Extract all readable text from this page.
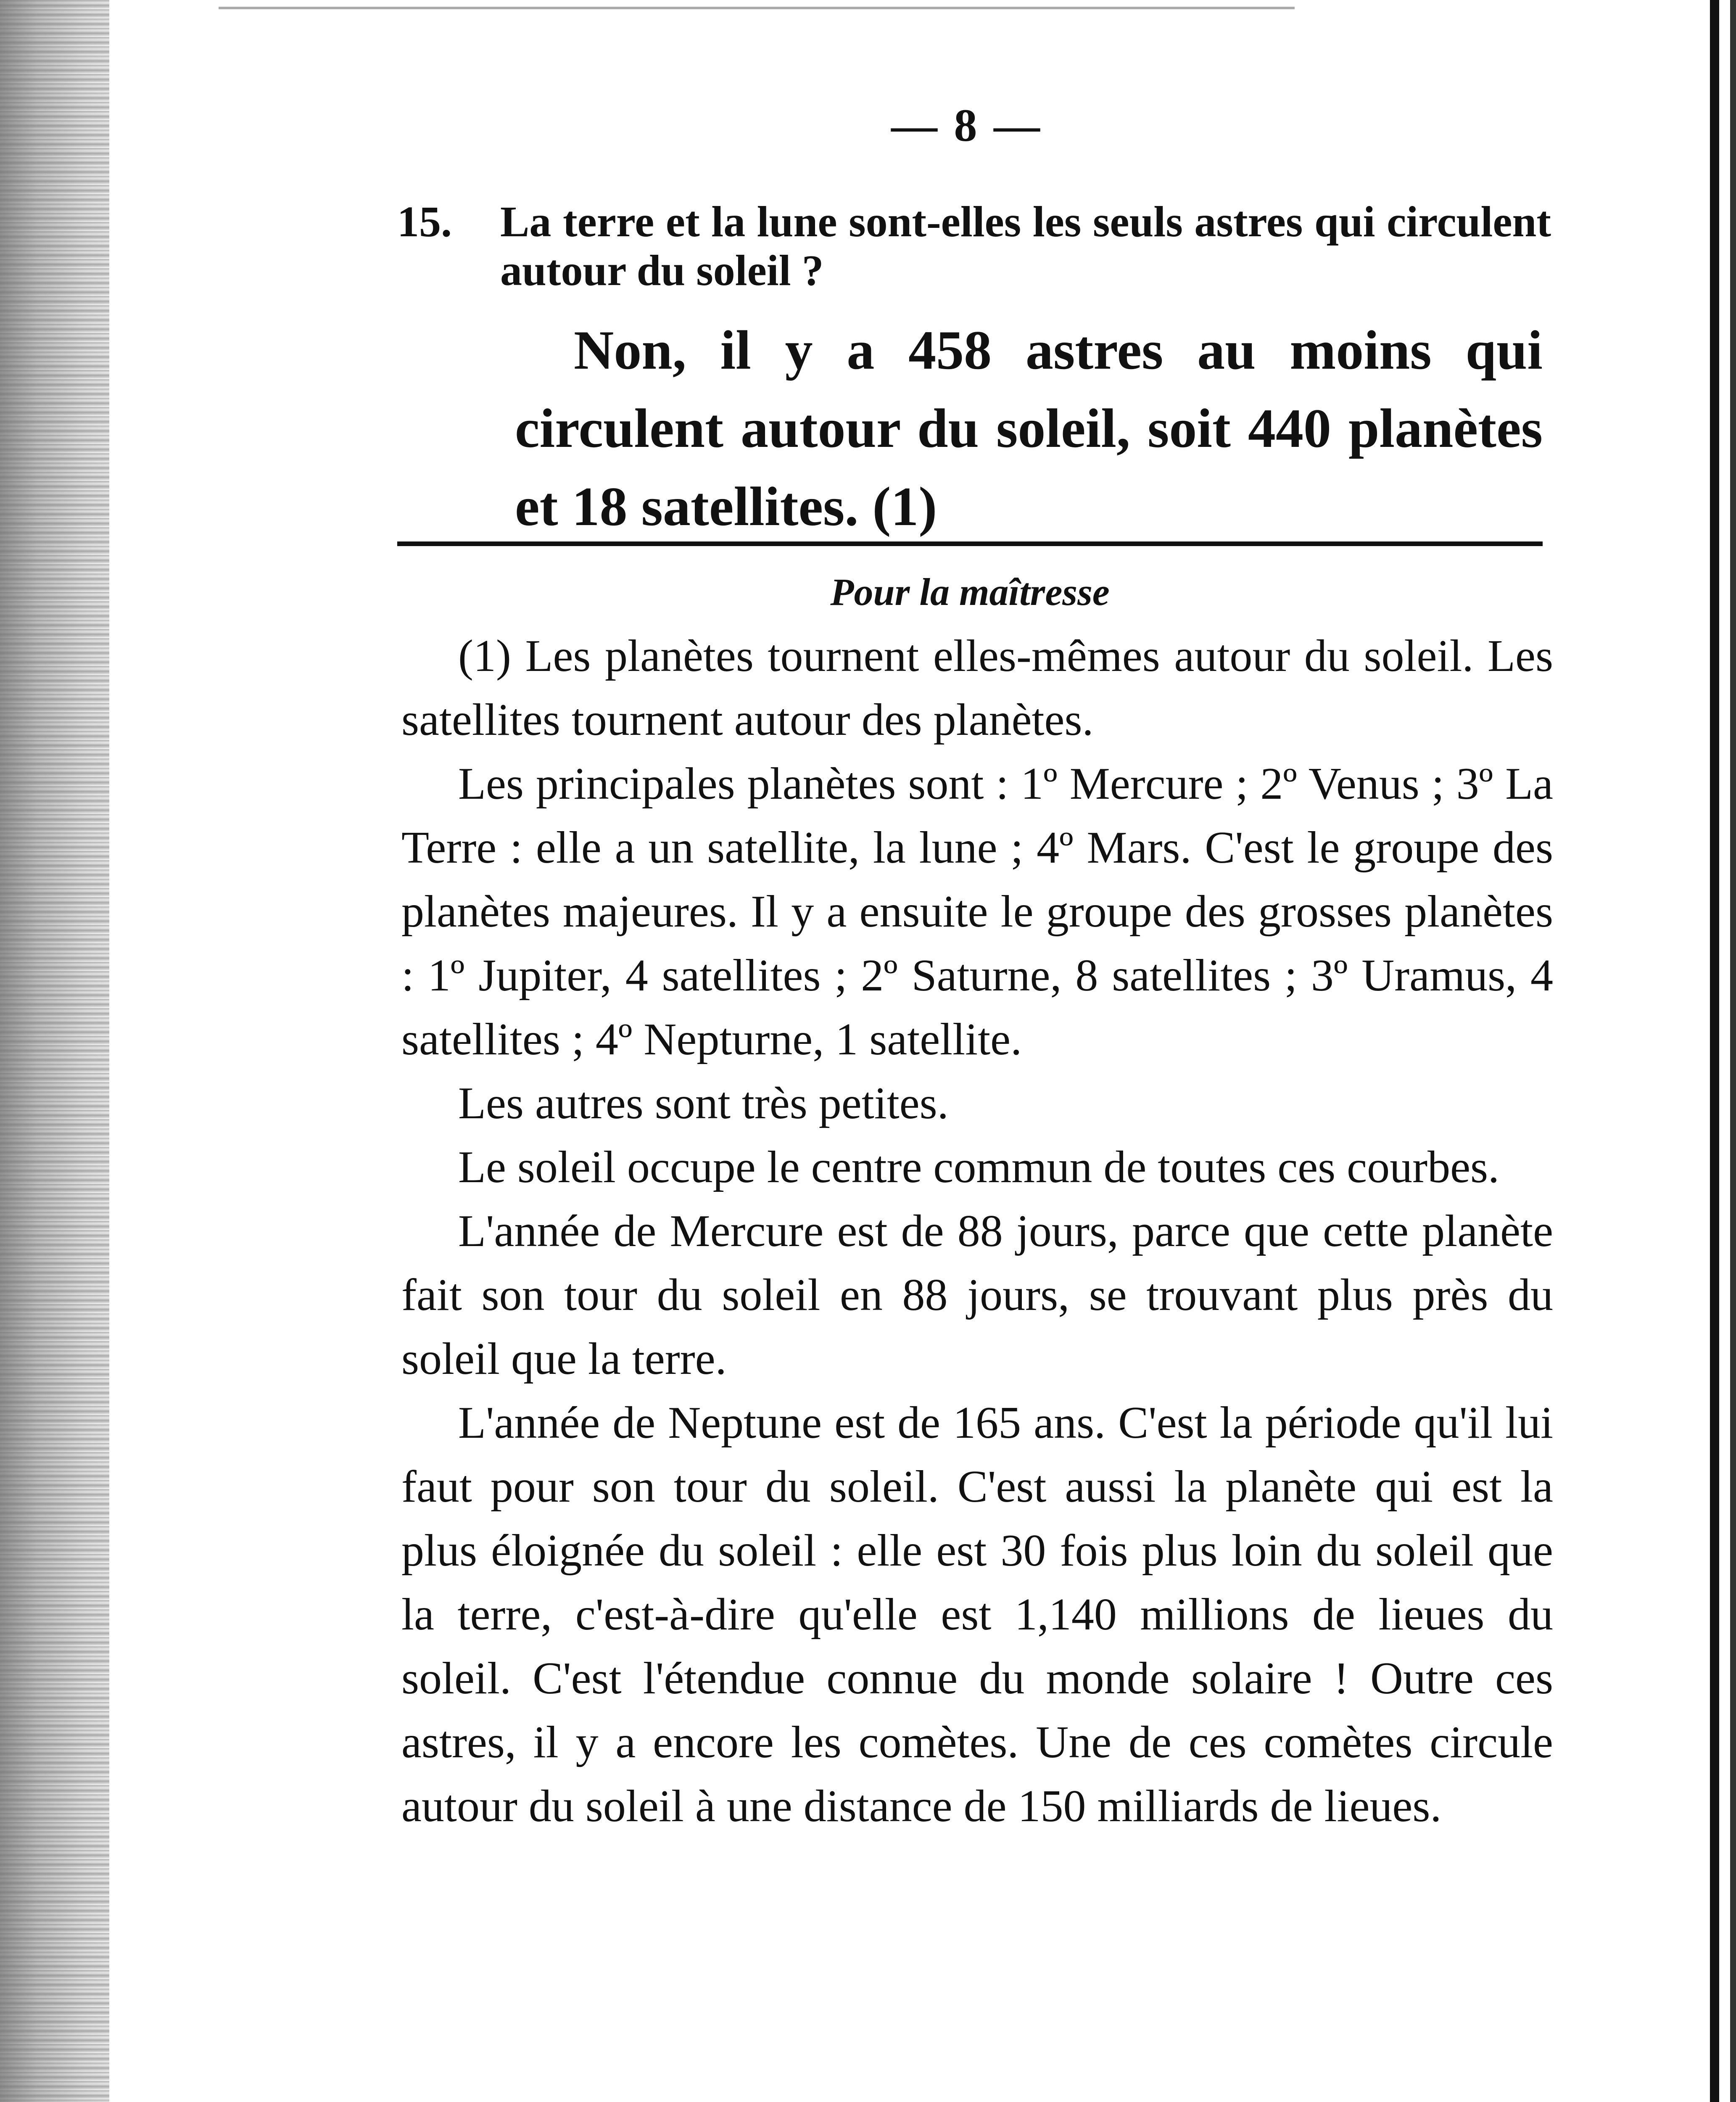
— 8 —
15.	La terre et la lune sont-elles les seuls astres qui circulent autour du soleil ?
Non, il y a 458 astres au moins qui circulent autour du soleil, soit 440 planètes et 18 satellites. (1)
Pour la maîtresse

(1) Les planètes tournent elles-mêmes autour du soleil. Les satellites tournent autour des planètes.

Les principales planètes sont : 1º Mercure ; 2º Venus ; 3º La Terre : elle a un satellite, la lune ; 4º Mars. C'est le groupe des planètes majeures. Il y a ensuite le groupe des grosses planètes : 1º Jupiter, 4 satellites ; 2º Saturne, 8 satellites ; 3º Uramus, 4 satellites ; 4º Nepturne, 1 satellite.

Les autres sont très petites.

Le soleil occupe le centre commun de toutes ces courbes.

L'année de Mercure est de 88 jours, parce que cette planète fait son tour du soleil en 88 jours, se trouvant plus près du soleil que la terre.

L'année de Neptune est de 165 ans. C'est la période qu'il lui faut pour son tour du soleil. C'est aussi la planète qui est la plus éloignée du soleil : elle est 30 fois plus loin du soleil que la terre, c'est-à-dire qu'elle est 1,140 millions de lieues du soleil. C'est l'étendue connue du monde solaire ! Outre ces astres, il y a encore les comètes. Une de ces comètes circule autour du soleil à une distance de 150 milliards de lieues.
